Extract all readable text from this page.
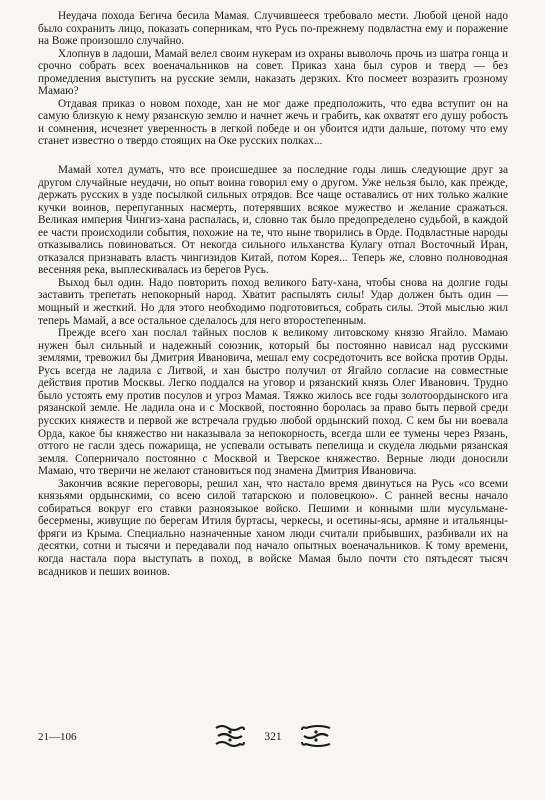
Неудача похода Бегича бесила Мамая. Случившееся требовало мести. Любой ценой надо было сохранить лицо, показать соперникам, что Русь по-прежнему подвластна ему и поражение на Воже произошло случайно.

Хлопнув в ладоши, Мамай велел своим нукерам из охраны выволочь прочь из шатра гонца и срочно собрать всех военачальников на совет. Приказ хана был суров и тверд — без промедления выступить на русские земли, наказать дерзких. Кто посмеет возразить грозному Мамаю?

Отдавая приказ о новом походе, хан не мог даже предположить, что едва вступит он на самую близкую к нему рязанскую землю и начнет жечь и грабить, как охватят его душу робость и сомнения, исчезнет уверенность в легкой победе и он убоится идти дальше, потому что ему станет известно о твердо стоящих на Оке русских полках...

Мамай хотел думать, что все происшедшее за последние годы лишь следующие друг за другом случайные неудачи, но опыт воина говорил ему о другом. Уже нельзя было, как прежде, держать русских в узде посылкой сильных отрядов. Все чаще оставались от них только жалкие кучки воинов, перепуганных насмерть, потерявших всякое мужество и желание сражаться. Великая империя Чингиз-хана распалась, и, словно так было предопределено судьбой, в каждой ее части происходили события, похожие на те, что ныне творились в Орде. Подвластные народы отказывались повиноваться. От некогда сильного ильханства Кулагу отпал Восточный Иран, отказался признавать власть чингизидов Китай, потом Корея... Теперь же, словно полноводная весенняя река, выплескивалась из берегов Русь.

Выход был один. Надо повторить поход великого Бату-хана, чтобы снова на долгие годы заставить трепетать непокорный народ. Хватит распылять силы! Удар должен быть один — мощный и жесткий. Но для этого необходимо подготовиться, собрать силы. Этой мыслью жил теперь Мамай, а все остальное сделалось для него второстепенным.

Прежде всего хан послал тайных послов к великому литовскому князю Ягайло. Мамаю нужен был сильный и надежный союзник, который бы постоянно нависал над русскими землями, тревожил бы Дмитрия Ивановича, мешал ему сосредоточить все войска против Орды. Русь всегда не ладила с Литвой, и хан быстро получил от Ягайло согласие на совместные действия против Москвы. Легко поддался на уговор и рязанский князь Олег Иванович. Трудно было устоять ему против посулов и угроз Мамая. Тяжко жилось все годы золотоордынского ига рязанской земле. Не ладила она и с Москвой, постоянно боролась за право быть первой среди русских княжеств и первой же встречала грудью любой ордынский поход. С кем бы ни воевала Орда, какое бы княжество ни наказывала за непокорность, всегда шли ее тумены через Рязань, оттого не гасли здесь пожарища, не успевали остывать пепелища и скудела людьми рязанская земля. Соперничало постоянно с Москвой и Тверское княжество. Верные люди доносили Мамаю, что тверичи не желают становиться под знамена Дмитрия Ивановича.

Закончив всякие переговоры, решил хан, что настало время двинуться на Русь «со всеми князьями ордынскими, со всею силой татарскою и половецкою». С ранней весны начало собираться вокруг его ставки разноязыкое войско. Пешими и конными шли мусульмане-бесермены, живущие по берегам Итиля буртасы, черкесы, и осетины-ясы, армяне и итальянцы-фряги из Крыма. Специально назначенные ханом люди считали прибывших, разбивали их на десятки, сотни и тысячи и передавали под начало опытных военачальников. К тому времени, когда настала пора выступать в поход, в войске Мамая было почти сто пятьдесят тысяч всадников и пеших воинов.

21—106	321
